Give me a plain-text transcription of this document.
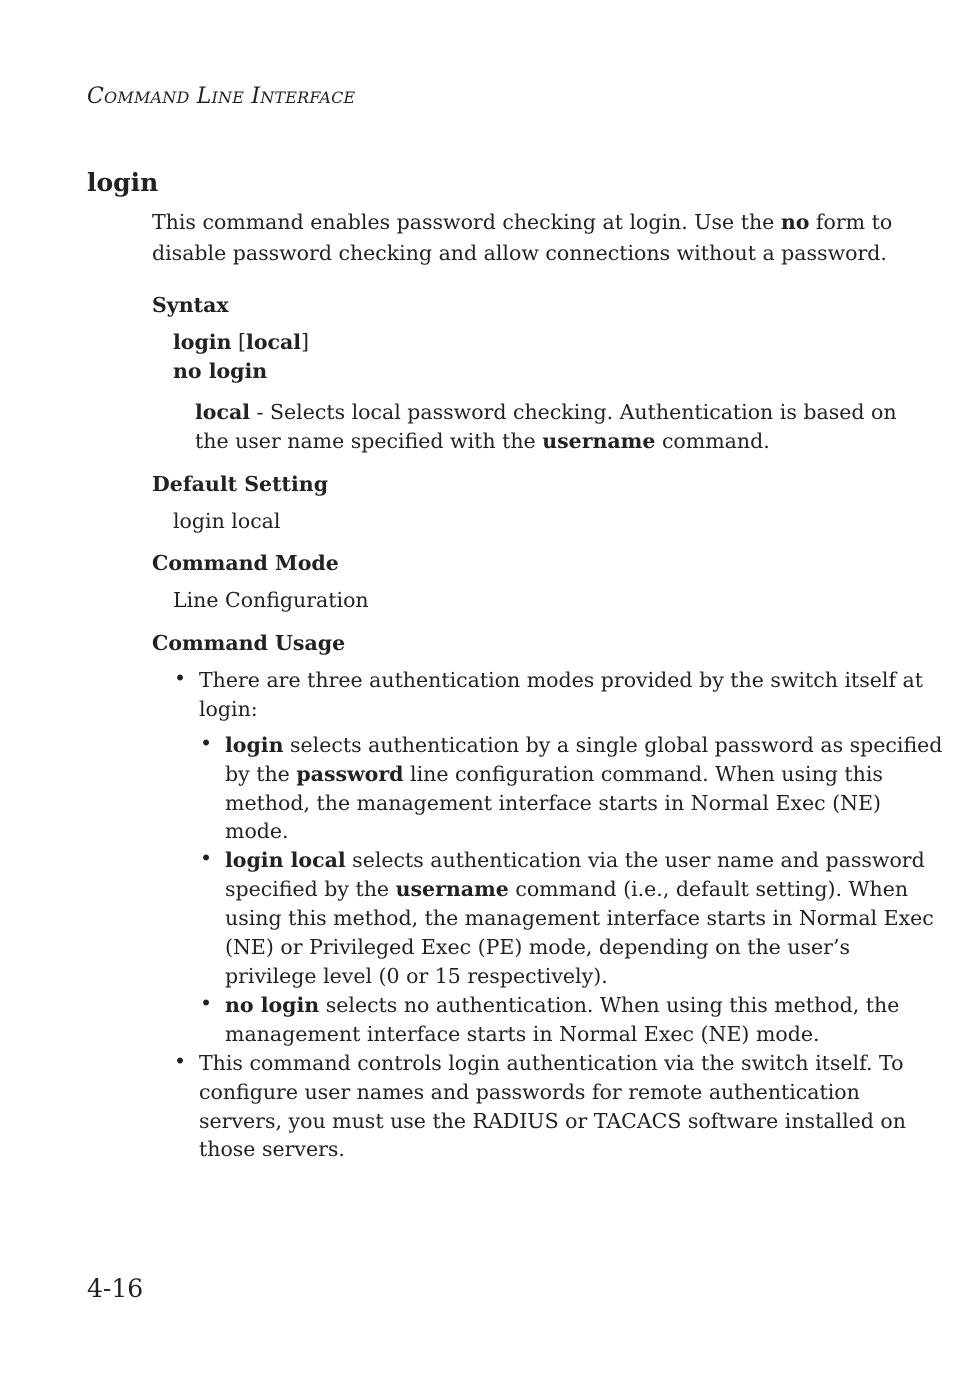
COMMAND LINE INTERFACE
login
This command enables password checking at login. Use the no form to
disable password checking and allow connections without a password.
Syntax
login [local]
no login
local - Selects local password checking. Authentication is based on
the user name specified with the username command.
Default Setting
login local
Command Mode
Line Configuration
Command Usage
• There are three authentication modes provided by the switch itself at
login:
• login selects authentication by a single global password as specified
by the password line configuration command. When using this
method, the management interface starts in Normal Exec (NE)
mode.
• login local selects authentication via the user name and password
specified by the username command (i.e., default setting). When
using this method, the management interface starts in Normal Exec
(NE) or Privileged Exec (PE) mode, depending on the user’s
privilege level (0 or 15 respectively).
• no login selects no authentication. When using this method, the
management interface starts in Normal Exec (NE) mode.
• This command controls login authentication via the switch itself. To
configure user names and passwords for remote authentication
servers, you must use the RADIUS or TACACS software installed on
those servers.
4-16
